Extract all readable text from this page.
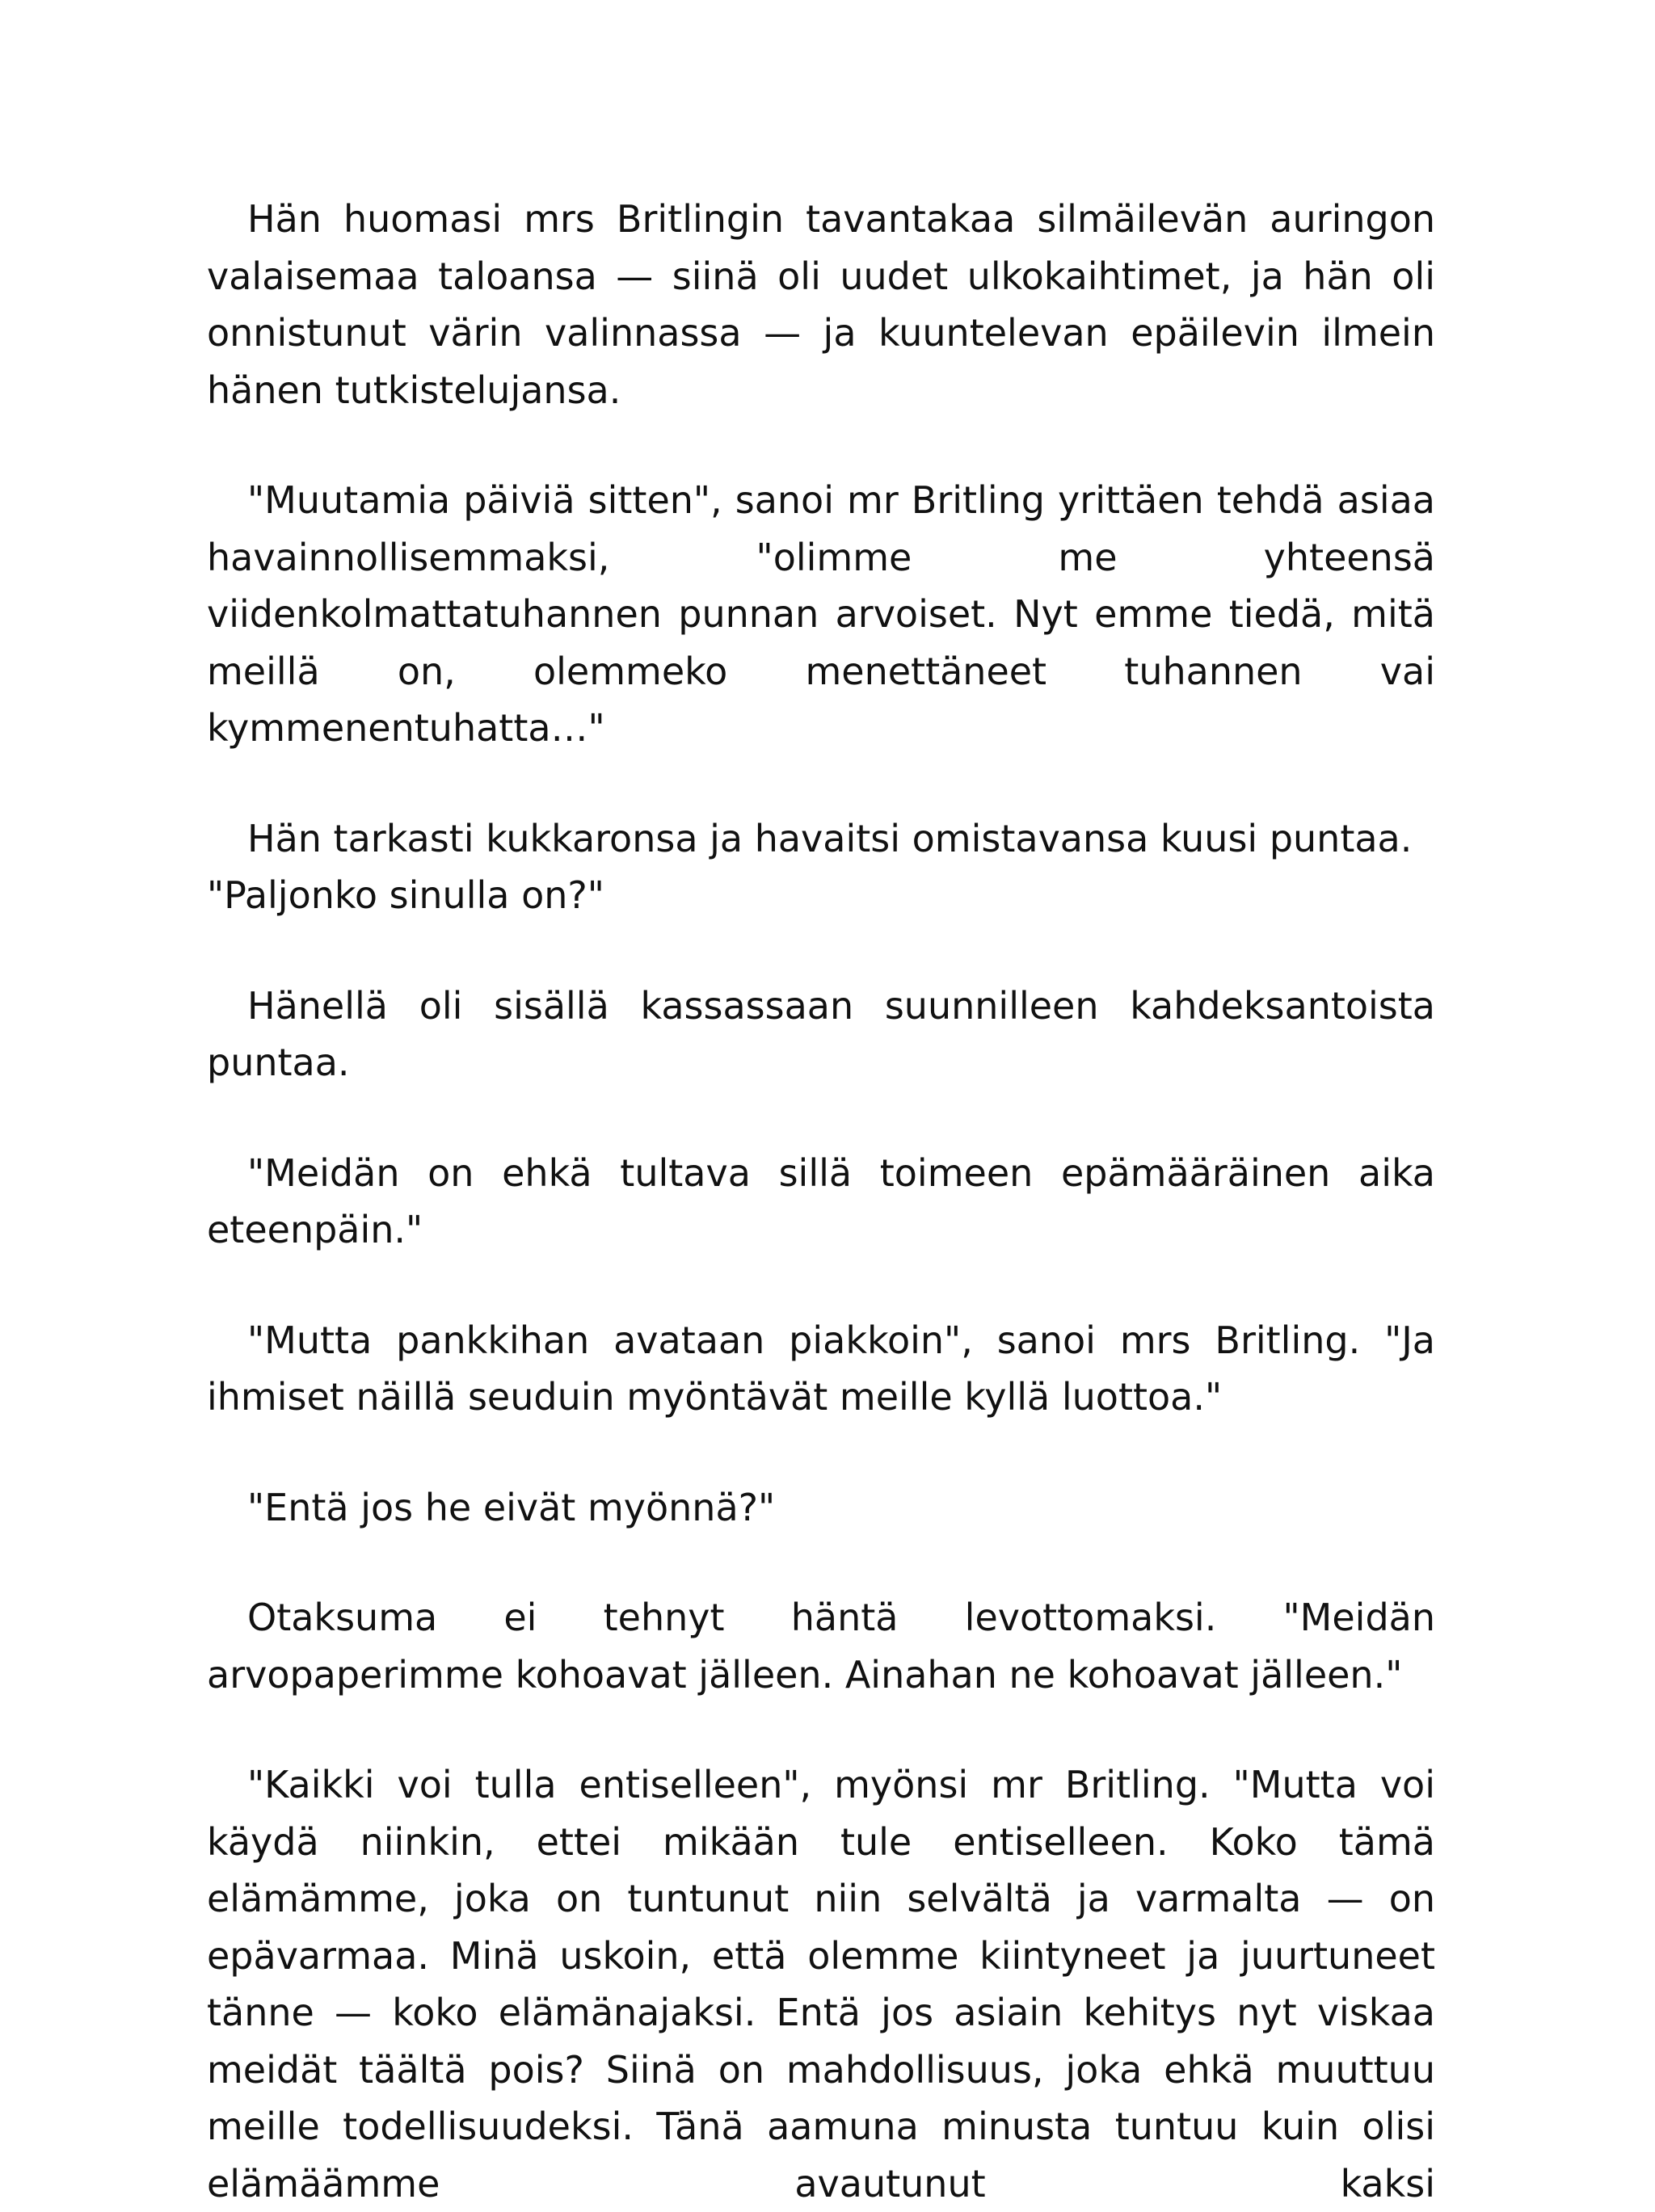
Hän huomasi mrs Britlingin tavantakaa silmäilevän auringon valaisemaa taloansa — siinä oli uudet ulkokaihtimet, ja hän oli onnistunut värin valinnassa — ja kuuntelevan epäilevin ilmein hänen tutkistelujansa.

"Muutamia päiviä sitten", sanoi mr Britling yrittäen tehdä asiaa havainnollisemmaksi, "olimme me yhteensä viidenkolmattatuhannen punnan arvoiset. Nyt emme tiedä, mitä meillä on, olemmeko menettäneet tuhannen vai kymmenentuhatta…"

Hän tarkasti kukkaronsa ja havaitsi omistavansa kuusi puntaa.

"Paljonko sinulla on?"

Hänellä oli sisällä kassassaan suunnilleen kahdeksantoista puntaa.

"Meidän on ehkä tultava sillä toimeen epämääräinen aika eteenpäin."

"Mutta pankkihan avataan piakkoin", sanoi mrs Britling. "Ja ihmiset näillä seuduin myöntävät meille kyllä luottoa."

"Entä jos he eivät myönnä?"

Otaksuma ei tehnyt häntä levottomaksi. "Meidän arvopaperimme kohoavat jälleen. Ainahan ne kohoavat jälleen."

"Kaikki voi tulla entiselleen", myönsi mr Britling. "Mutta voi käydä niinkin, ettei mikään tule entiselleen. Koko tämä elämämme, joka on tuntunut niin selvältä ja varmalta — on epävarmaa. Minä uskoin, että olemme kiintyneet ja juurtuneet tänne — koko elämänajaksi. Entä jos asiain kehitys nyt viskaa meidät täältä pois? Siinä on mahdollisuus, joka ehkä muuttuu meille todellisuudeksi. Tänä aamuna minusta tuntuu kuin olisi elämäämme avautunut kaksi
